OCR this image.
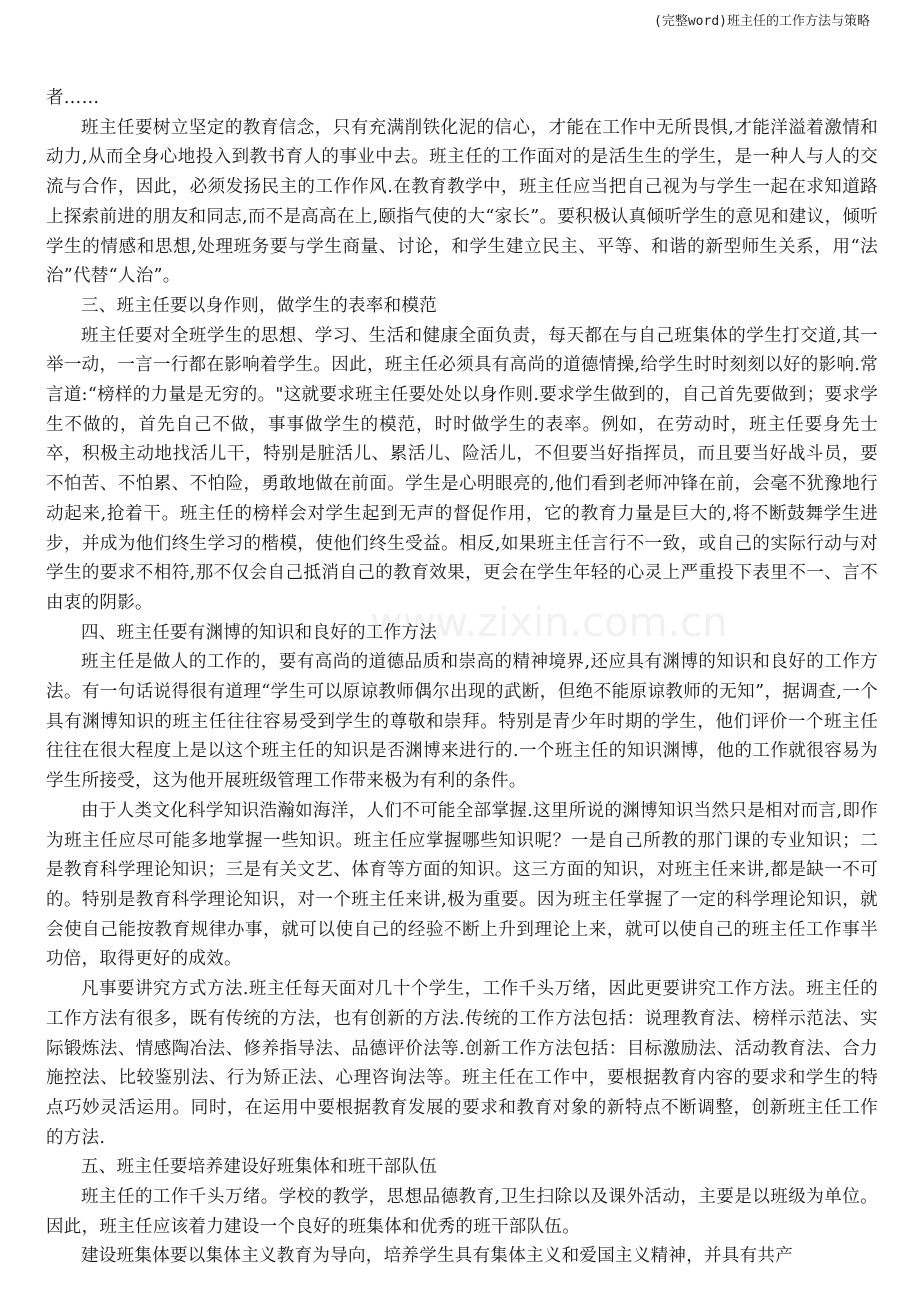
(完整word)班主任的工作方法与策略
www.zixin.com.cn

者……

班主任要树立坚定的教育信念，只有充满削铁化泥的信心，才能在工作中无所畏惧,才能洋溢着激情和动力,从而全身心地投入到教书育人的事业中去。班主任的工作面对的是活生生的学生，是一种人与人的交流与合作，因此，必须发扬民主的工作作风.在教育教学中，班主任应当把自己视为与学生一起在求知道路上探索前进的朋友和同志,而不是高高在上,颐指气使的大“家长”。要积极认真倾听学生的意见和建议，倾听学生的情感和思想,处理班务要与学生商量、讨论，和学生建立民主、平等、和谐的新型师生关系，用“法治”代替“人治”。

三、班主任要以身作则，做学生的表率和模范

班主任要对全班学生的思想、学习、生活和健康全面负责，每天都在与自己班集体的学生打交道,其一举一动，一言一行都在影响着学生。因此，班主任必须具有高尚的道德情操,给学生时时刻刻以好的影响.常言道:“榜样的力量是无穷的。"这就要求班主任要处处以身作则.要求学生做到的，自己首先要做到；要求学生不做的，首先自己不做，事事做学生的模范，时时做学生的表率。例如，在劳动时，班主任要身先士卒，积极主动地找活儿干，特别是脏活儿、累活儿、险活儿，不但要当好指挥员，而且要当好战斗员，要不怕苦、不怕累、不怕险，勇敢地做在前面。学生是心明眼亮的,他们看到老师冲锋在前，会毫不犹豫地行动起来,抢着干。班主任的榜样会对学生起到无声的督促作用，它的教育力量是巨大的,将不断鼓舞学生进步，并成为他们终生学习的楷模，使他们终生受益。相反,如果班主任言行不一致，或自己的实际行动与对学生的要求不相符,那不仅会自己抵消自己的教育效果，更会在学生年轻的心灵上严重投下表里不一、言不由衷的阴影。

四、班主任要有渊博的知识和良好的工作方法

班主任是做人的工作的，要有高尚的道德品质和崇高的精神境界,还应具有渊博的知识和良好的工作方法。有一句话说得很有道理“学生可以原谅教师偶尔出现的武断，但绝不能原谅教师的无知”，据调查,一个具有渊博知识的班主任往往容易受到学生的尊敬和崇拜。特别是青少年时期的学生，他们评价一个班主任往往在很大程度上是以这个班主任的知识是否渊博来进行的.一个班主任的知识渊博，他的工作就很容易为学生所接受，这为他开展班级管理工作带来极为有利的条件。

由于人类文化科学知识浩瀚如海洋，人们不可能全部掌握.这里所说的渊博知识当然只是相对而言,即作为班主任应尽可能多地掌握一些知识。班主任应掌握哪些知识呢？一是自己所教的那门课的专业知识；二是教育科学理论知识；三是有关文艺、体育等方面的知识。这三方面的知识，对班主任来讲,都是缺一不可的。特别是教育科学理论知识，对一个班主任来讲,极为重要。因为班主任掌握了一定的科学理论知识，就会使自己能按教育规律办事，就可以使自己的经验不断上升到理论上来，就可以使自己的班主任工作事半功倍，取得更好的成效。

凡事要讲究方式方法.班主任每天面对几十个学生，工作千头万绪，因此更要讲究工作方法。班主任的工作方法有很多，既有传统的方法，也有创新的方法.传统的工作方法包括：说理教育法、榜样示范法、实际锻炼法、情感陶冶法、修养指导法、品德评价法等.创新工作方法包括：目标激励法、活动教育法、合力施控法、比较鉴别法、行为矫正法、心理咨询法等。班主任在工作中，要根据教育内容的要求和学生的特点巧妙灵活运用。同时，在运用中要根据教育发展的要求和教育对象的新特点不断调整，创新班主任工作的方法.

五、班主任要培养建设好班集体和班干部队伍

班主任的工作千头万绪。学校的教学，思想品德教育,卫生扫除以及课外活动，主要是以班级为单位。因此，班主任应该着力建设一个良好的班集体和优秀的班干部队伍。

建设班集体要以集体主义教育为导向，培养学生具有集体主义和爱国主义精神，并具有共产
